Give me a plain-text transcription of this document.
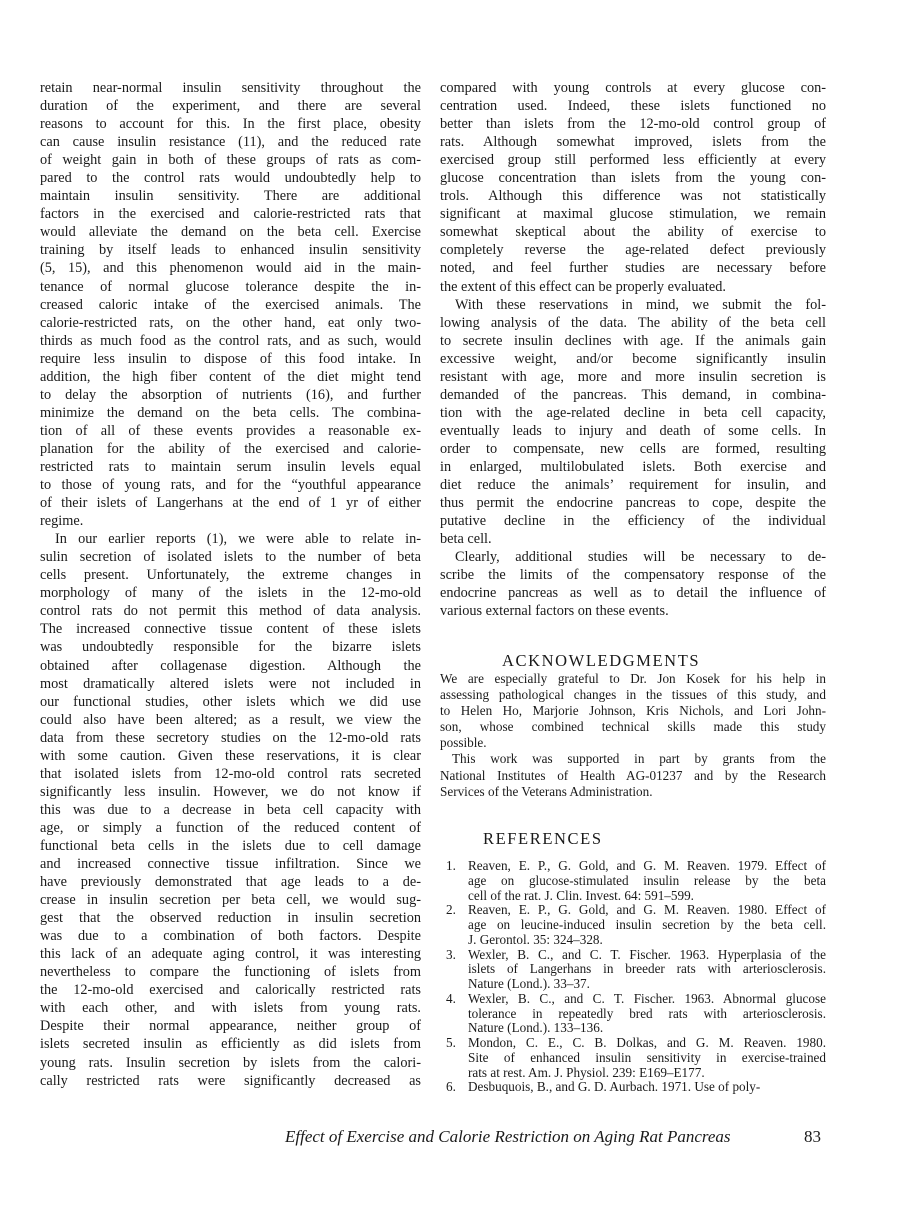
retain near-normal insulin sensitivity throughout the
duration of the experiment, and there are several
reasons to account for this. In the first place, obesity
can cause insulin resistance (11), and the reduced rate
of weight gain in both of these groups of rats as com-
pared to the control rats would undoubtedly help to
maintain insulin sensitivity. There are additional
factors in the exercised and calorie-restricted rats that
would alleviate the demand on the beta cell. Exercise
training by itself leads to enhanced insulin sensitivity
(5, 15), and this phenomenon would aid in the main-
tenance of normal glucose tolerance despite the in-
creased caloric intake of the exercised animals. The
calorie-restricted rats, on the other hand, eat only two-
thirds as much food as the control rats, and as such, would
require less insulin to dispose of this food intake. In
addition, the high fiber content of the diet might tend
to delay the absorption of nutrients (16), and further
minimize the demand on the beta cells. The combina-
tion of all of these events provides a reasonable ex-
planation for the ability of the exercised and calorie-
restricted rats to maintain serum insulin levels equal
to those of young rats, and for the “youthful appearance
of their islets of Langerhans at the end of 1 yr of either
regime.
In our earlier reports (1), we were able to relate in-
sulin secretion of isolated islets to the number of beta
cells present. Unfortunately, the extreme changes in
morphology of many of the islets in the 12-mo-old
control rats do not permit this method of data analysis.
The increased connective tissue content of these islets
was undoubtedly responsible for the bizarre islets
obtained after collagenase digestion. Although the
most dramatically altered islets were not included in
our functional studies, other islets which we did use
could also have been altered; as a result, we view the
data from these secretory studies on the 12-mo-old rats
with some caution. Given these reservations, it is clear
that isolated islets from 12-mo-old control rats secreted
significantly less insulin. However, we do not know if
this was due to a decrease in beta cell capacity with
age, or simply a function of the reduced content of
functional beta cells in the islets due to cell damage
and increased connective tissue infiltration. Since we
have previously demonstrated that age leads to a de-
crease in insulin secretion per beta cell, we would sug-
gest that the observed reduction in insulin secretion
was due to a combination of both factors. Despite
this lack of an adequate aging control, it was interesting
nevertheless to compare the functioning of islets from
the 12-mo-old exercised and calorically restricted rats
with each other, and with islets from young rats.
Despite their normal appearance, neither group of
islets secreted insulin as efficiently as did islets from
young rats. Insulin secretion by islets from the calori-
cally restricted rats were significantly decreased as
compared with young controls at every glucose con-
centration used. Indeed, these islets functioned no
better than islets from the 12-mo-old control group of
rats. Although somewhat improved, islets from the
exercised group still performed less efficiently at every
glucose concentration than islets from the young con-
trols. Although this difference was not statistically
significant at maximal glucose stimulation, we remain
somewhat skeptical about the ability of exercise to
completely reverse the age-related defect previously
noted, and feel further studies are necessary before
the extent of this effect can be properly evaluated.
With these reservations in mind, we submit the fol-
lowing analysis of the data. The ability of the beta cell
to secrete insulin declines with age. If the animals gain
excessive weight, and/or become significantly insulin
resistant with age, more and more insulin secretion is
demanded of the pancreas. This demand, in combina-
tion with the age-related decline in beta cell capacity,
eventually leads to injury and death of some cells. In
order to compensate, new cells are formed, resulting
in enlarged, multilobulated islets. Both exercise and
diet reduce the animals’ requirement for insulin, and
thus permit the endocrine pancreas to cope, despite the
putative decline in the efficiency of the individual
beta cell.
Clearly, additional studies will be necessary to de-
scribe the limits of the compensatory response of the
endocrine pancreas as well as to detail the influence of
various external factors on these events.
ACKNOWLEDGMENTS
We are especially grateful to Dr. Jon Kosek for his help in
assessing pathological changes in the tissues of this study, and
to Helen Ho, Marjorie Johnson, Kris Nichols, and Lori John-
son, whose combined technical skills made this study
possible.
This work was supported in part by grants from the
National Institutes of Health AG-01237 and by the Research
Services of the Veterans Administration.
REFERENCES
1. Reaven, E. P., G. Gold, and G. M. Reaven. 1979. Effect of
age on glucose-stimulated insulin release by the beta
cell of the rat. J. Clin. Invest. 64: 591–599.
2. Reaven, E. P., G. Gold, and G. M. Reaven. 1980. Effect of
age on leucine-induced insulin secretion by the beta cell.
J. Gerontol. 35: 324–328.
3. Wexler, B. C., and C. T. Fischer. 1963. Hyperplasia of the
islets of Langerhans in breeder rats with arteriosclerosis.
Nature (Lond.). 33–37.
4. Wexler, B. C., and C. T. Fischer. 1963. Abnormal glucose
tolerance in repeatedly bred rats with arteriosclerosis.
Nature (Lond.). 133–136.
5. Mondon, C. E., C. B. Dolkas, and G. M. Reaven. 1980.
Site of enhanced insulin sensitivity in exercise-trained
rats at rest. Am. J. Physiol. 239: E169–E177.
6. Desbuquois, B., and G. D. Aurbach. 1971. Use of poly-
Effect of Exercise and Calorie Restriction on Aging Rat Pancreas	83
